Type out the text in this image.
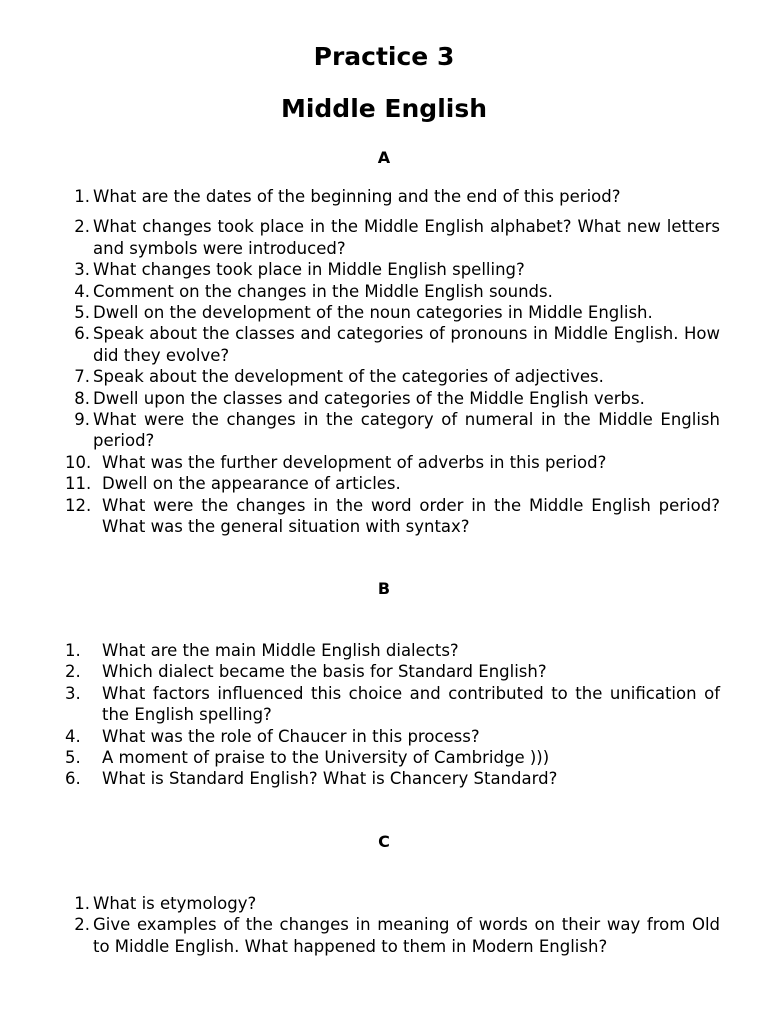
Practice 3
Middle English
A
1. What are the dates of the beginning and the end of this period?
2. What changes took place in the Middle English alphabet? What new letters and symbols were introduced?
3. What changes took place in Middle English spelling?
4. Comment on the changes in the Middle English sounds.
5. Dwell on the development of the noun categories in Middle English.
6. Speak about the classes and categories of pronouns in Middle English. How did they evolve?
7. Speak about the development of the categories of adjectives.
8. Dwell upon the classes and categories of the Middle English verbs.
9. What were the changes in the category of numeral in the Middle English period?
10. What was the further development of adverbs in this period?
11. Dwell on the appearance of articles.
12. What were the changes in the word order in the Middle English period? What was the general situation with syntax?
B
1. What are the main Middle English dialects?
2. Which dialect became the basis for Standard English?
3. What factors influenced this choice and contributed to the unification of the English spelling?
4. What was the role of Chaucer in this process?
5. A moment of praise to the University of Cambridge )))
6. What is Standard English? What is Chancery Standard?
C
1. What is etymology?
2. Give examples of the changes in meaning of words on their way from Old to Middle English. What happened to them in Modern English?
